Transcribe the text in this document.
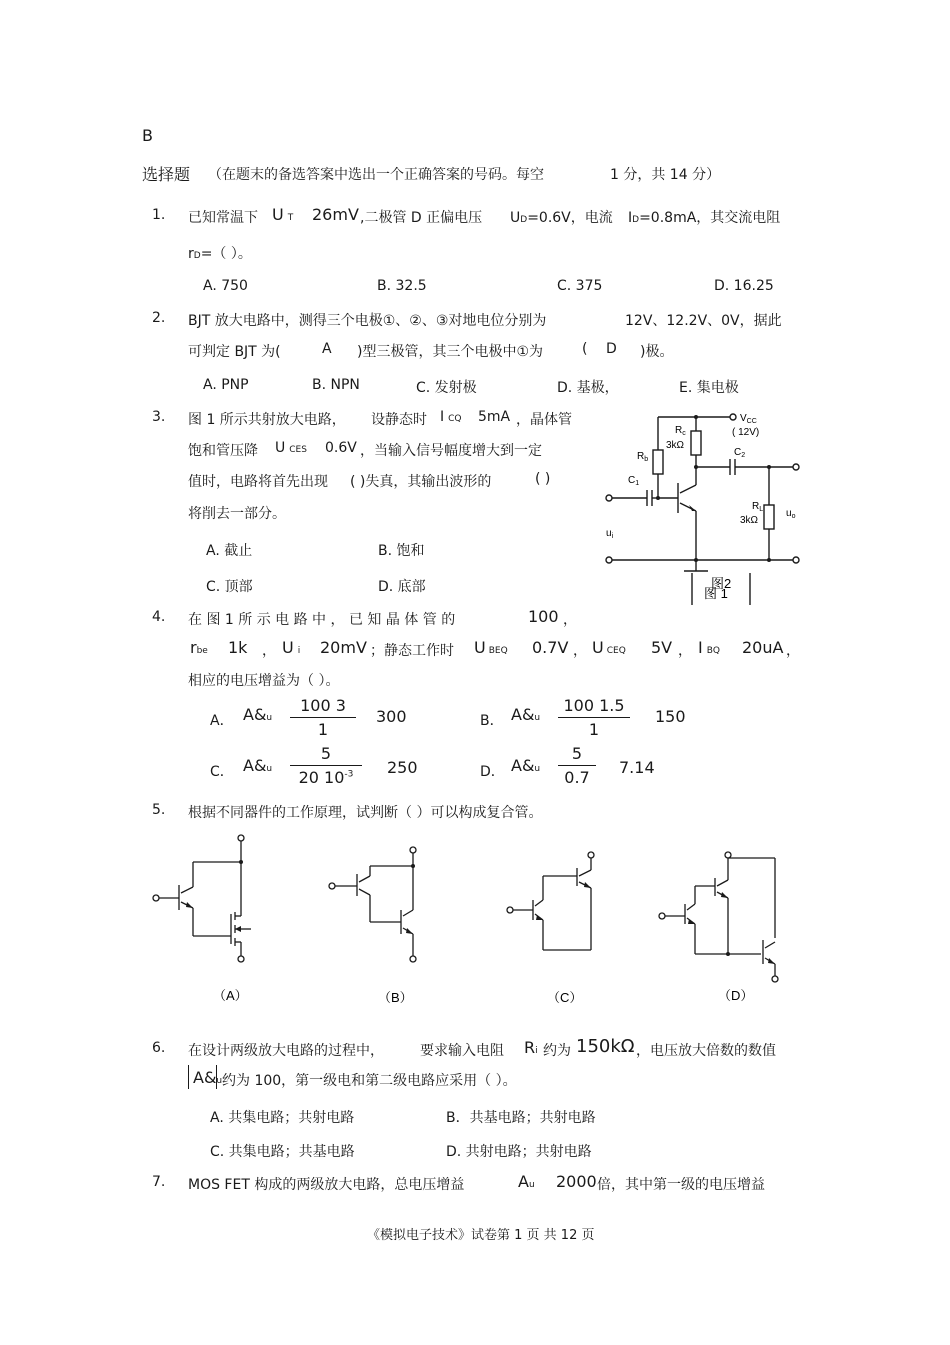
B
选择题 （在题末的备选答案中选出一个正确答案的号码。每空	1 分，共 14 分）
1. 已知常温下 U T 26mV ,二极管 D 正偏电压 UD=0.6V，电流 ID=0.8mA，其交流电阻
rD=（ ）。
A. 750	B. 32.5	C. 375	D. 16.25
2. BJT 放大电路中，测得三个电极①、②、③对地电位分别为	12V、12.2V、0V，据此
可判定 BJT 为(	A )型三极管，其三个电极中①为	( D )极。
A. PNP	B. NPN	C. 发射极	D. 基极，	E. 集电极
3. 图 1 所示共射放大电路， 设静态时 ICQ 5mA ，晶体管
饱和管压降 UCES 0.6V ，当输入信号幅度增大到一定
值时，电路将首先出现 ( )失真，其输出波形的	( )
将削去一部分。
A. 截止	B. 饱和
C. 顶部	D. 底部
$V_{CC}$
( 12V)
$R_c$
3kΩ
$R_b$
$C_1$
$C_2$
$R_L$
3kΩ
$u_i$
$u_o$
图2
图 1
4. 在 图 1 所 示 电 路 中 ， 已 知 晶 体 管 的	100 ，
rbe 1k ， Ui 20mV ；静态工作时 UBEQ 0.7V ， UCEQ 5V ， IBQ 20uA ，
相应的电压增益为（ ）。
A． A&u
100 3
1
300	B． A&u
100 1.5
1
150
C． A&u
5
20 $10^{-3}$	250	D． A&u
5
0.7
7.14
5. 根据不同器件的工作原理，试判断（ ）可以构成复合管。
（A）	（B）	（C）	（D）
6. 在设计两级放大电路的过程中，	要求输入电阻 Ri 约为 150kΩ ，电压放大倍数的数值
A&u 约为 100，第一级电和第二级电路应采用（ ）。
A. 共集电路；共射电路	B．共基电路；共射电路
C. 共集电路；共基电路	D. 共射电路；共射电路
7. MOS FET 构成的两级放大电路，总电压增益	Au 2000 倍，其中第一级的电压增益
《模拟电子技术》试卷第 1 页 共 12 页
